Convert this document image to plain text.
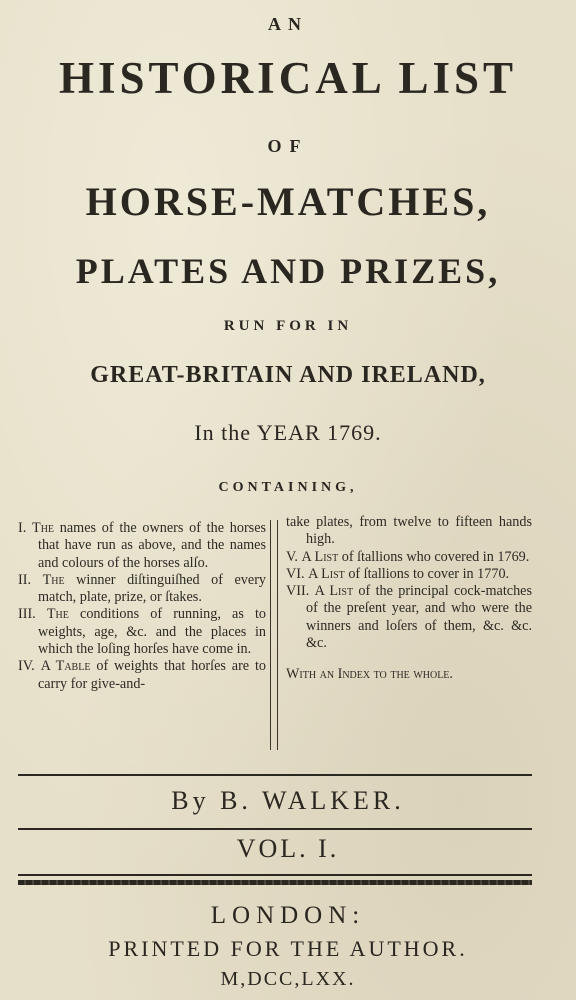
AN
HISTORICAL LIST
OF
HORSE-MATCHES,
PLATES AND PRIZES,
RUN FOR IN
GREAT-BRITAIN AND IRELAND,
In the YEAR 1769.
CONTAINING,

I. The names of the owners of the horses that have run as above, and the names and colours of the horses alſo.

II. The winner diſtinguiſhed of every match, plate, prize, or ſtakes.

III. The conditions of running, as to weights, age, &c. and the places in which the loſing horſes have come in.

IV. A Table of weights that horſes are to carry for give-and-

take plates, from twelve to fifteen hands high.

V. A List of ſtallions who covered in 1769.

VI. A List of ſtallions to cover in 1770.

VII. A List of the principal cock-matches of the preſent year, and who were the winners and loſers of them, &c. &c. &c.

With an Index to the whole.

By B. WALKER.
VOL. I.
LONDON:
PRINTED FOR THE AUTHOR.
M,DCC,LXX.
